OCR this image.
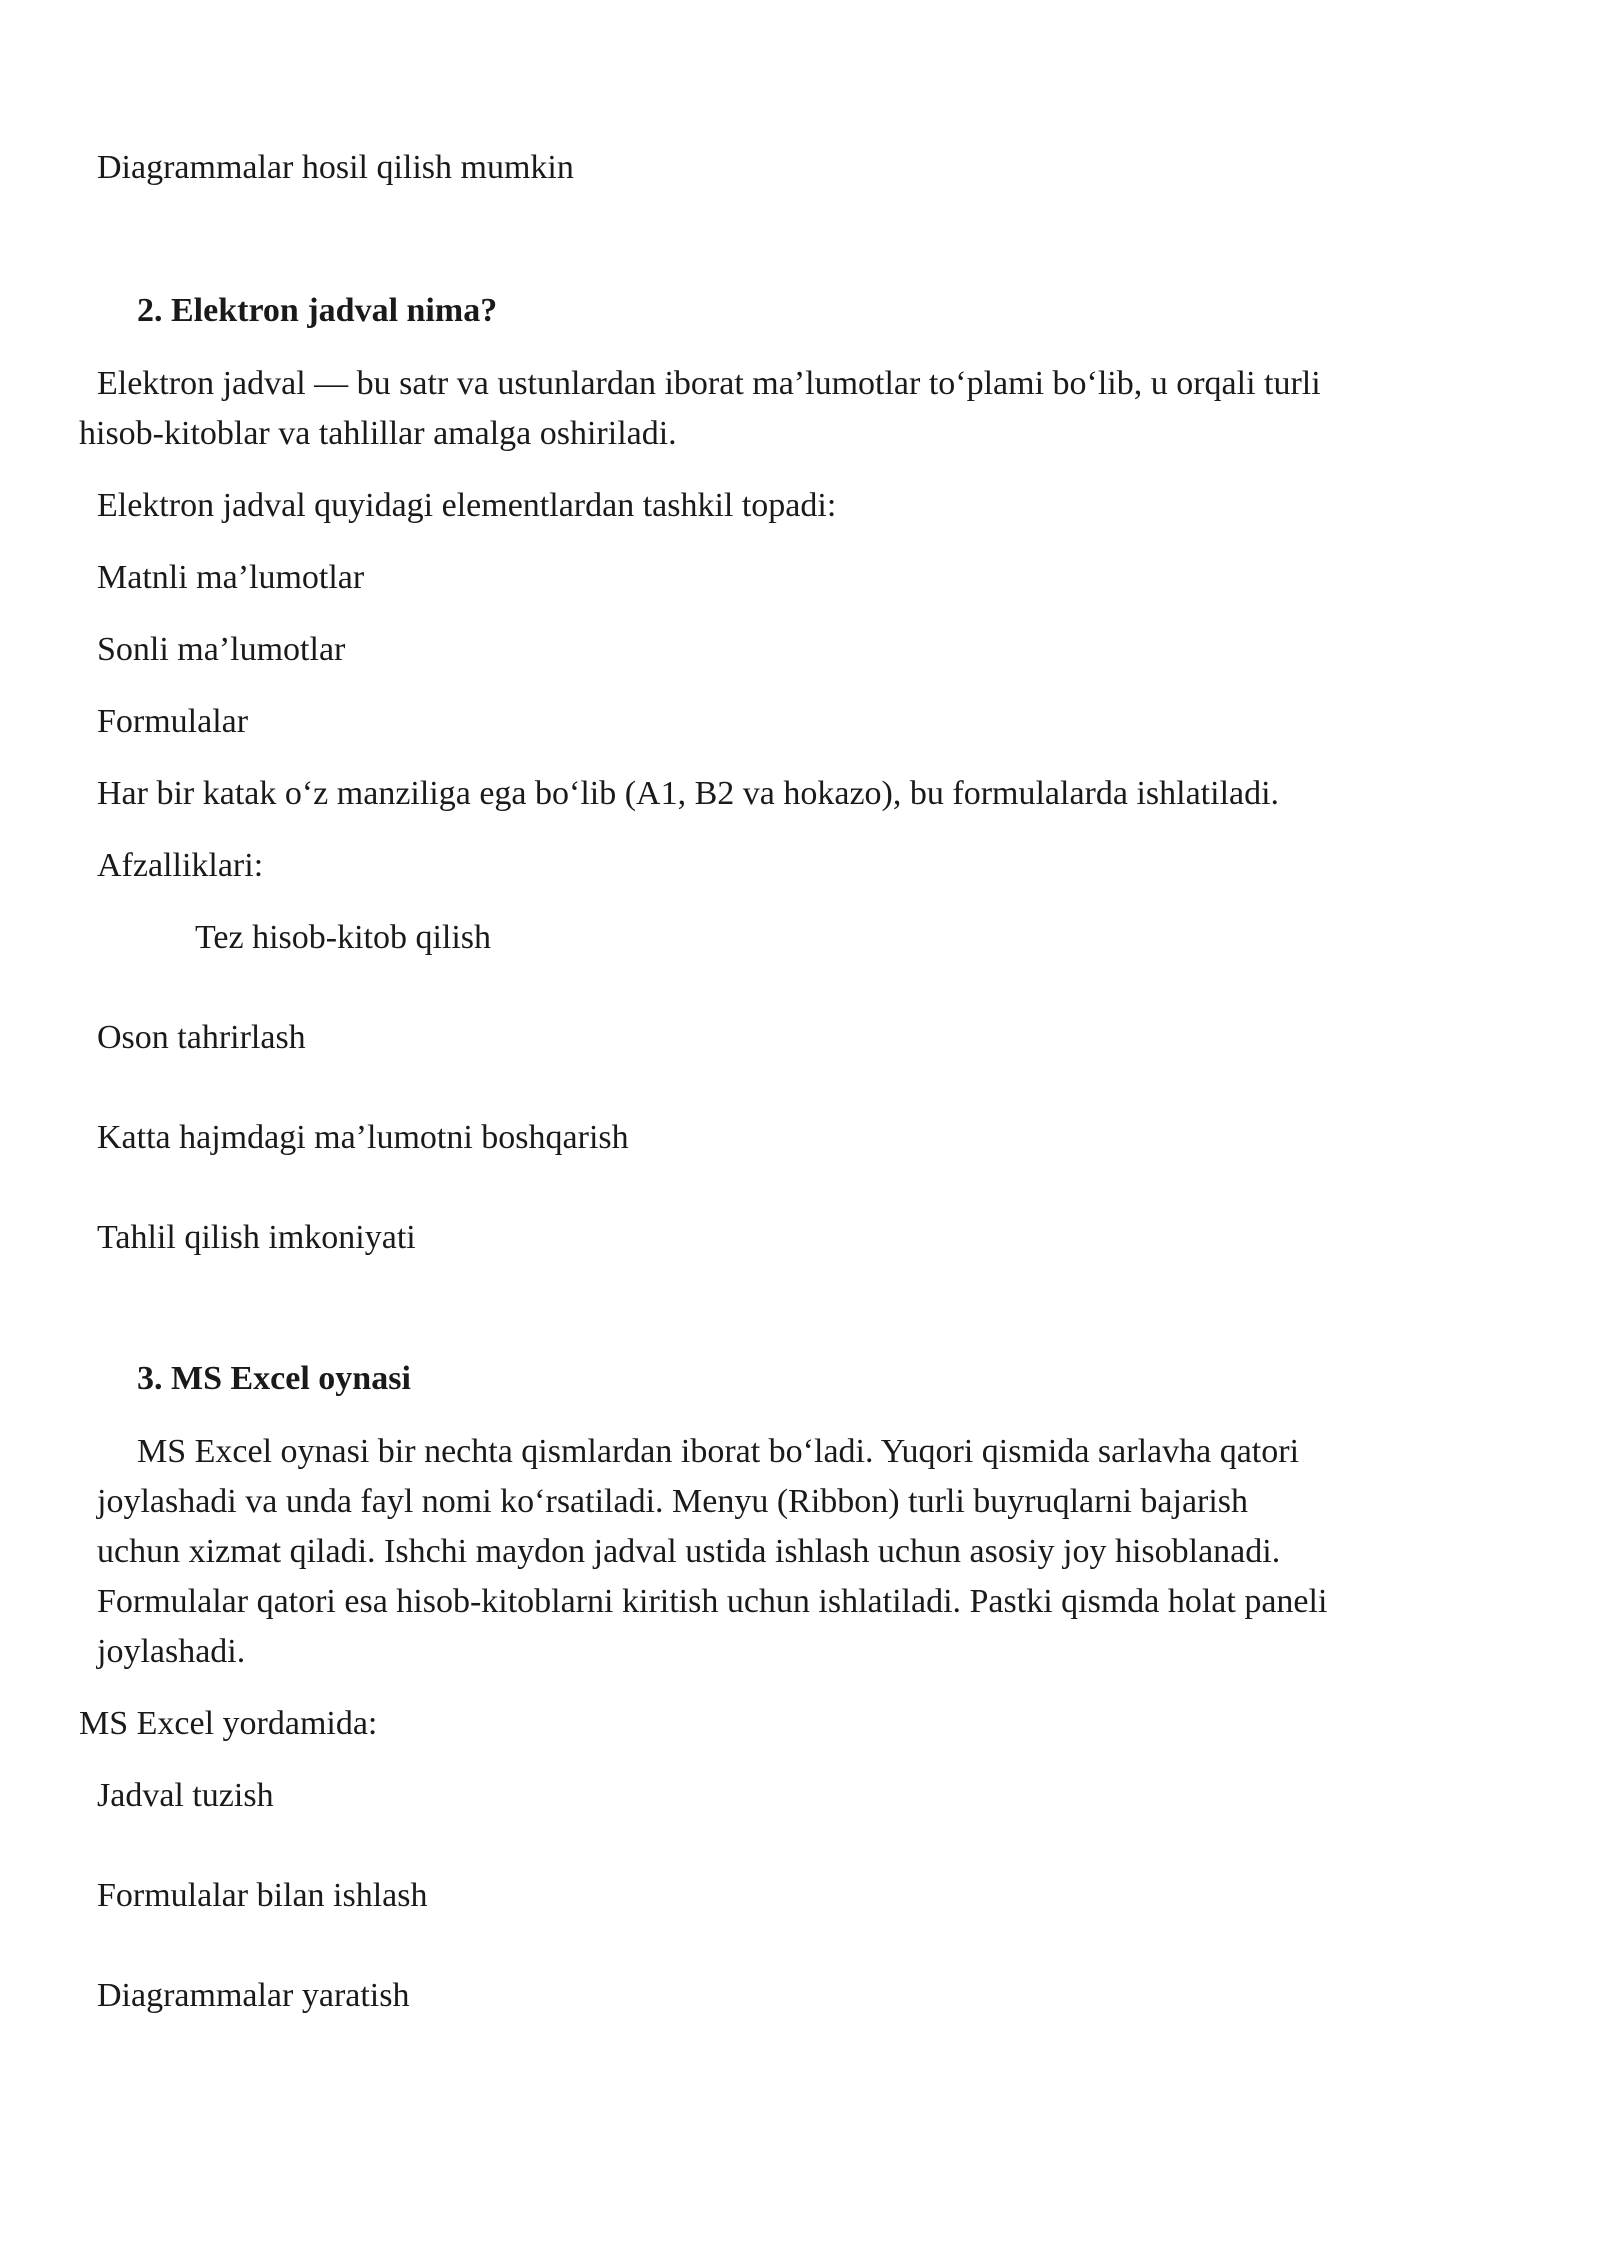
Diagrammalar hosil qilish mumkin
2. Elektron jadval nima?
Elektron jadval — bu satr va ustunlardan iborat ma’lumotlar to‘plami bo‘lib, u orqali turli
hisob-kitoblar va tahlillar amalga oshiriladi.
Elektron jadval quyidagi elementlardan tashkil topadi:
Matnli ma’lumotlar
Sonli ma’lumotlar
Formulalar
Har bir katak o‘z manziliga ega bo‘lib (A1, B2 va hokazo), bu formulalarda ishlatiladi.
Afzalliklari:
Tez hisob-kitob qilish
Oson tahrirlash
Katta hajmdagi ma’lumotni boshqarish
Tahlil qilish imkoniyati
3. MS Excel oynasi
MS Excel oynasi bir nechta qismlardan iborat bo‘ladi. Yuqori qismida sarlavha qatori
joylashadi va unda fayl nomi ko‘rsatiladi. Menyu (Ribbon) turli buyruqlarni bajarish
uchun xizmat qiladi. Ishchi maydon jadval ustida ishlash uchun asosiy joy hisoblanadi.
Formulalar qatori esa hisob-kitoblarni kiritish uchun ishlatiladi. Pastki qismda holat paneli
joylashadi.
MS Excel yordamida:
Jadval tuzish
Formulalar bilan ishlash
Diagrammalar yaratish
